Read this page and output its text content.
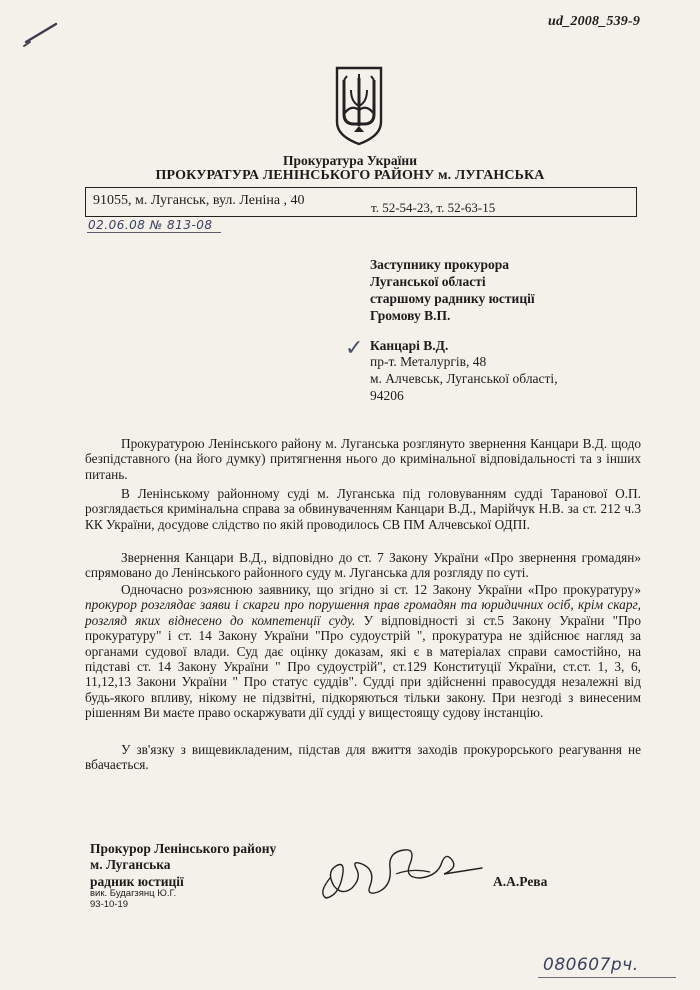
ud_2008_539-9
Прокуратура України
ПРОКУРАТУРА ЛЕНІНСЬКОГО РАЙОНУ м. ЛУГАНСЬКА
91055, м. Луганськ, вул. Леніна , 40	т. 52-54-23, т. 52-63-15
02.06.08 № 813-08
Заступнику прокурора
Луганської області
старшому раднику юстиції
Громову В.П.
✓ Канцарі В.Д.
пр-т. Металургів, 48
м. Алчевськ, Луганської області,
94206
Прокуратурою Ленінського району м. Луганська розглянуто звернення Канцари В.Д. щодо безпідставного (на його думку) притягнення нього до кримінальної відповідальності та з інших питань.
В Ленінському районному суді м. Луганська під головуванням судді Таранової О.П. розглядається кримінальна справа за обвинуваченням Канцари В.Д., Марійчук Н.В. за ст. 212 ч.3 КК України, досудове слідство по якій проводилось СВ ПМ Алчевської ОДПІ.
Звернення Канцари В.Д., відповідно до ст. 7 Закону України «Про звернення громадян» спрямовано до Ленінського районного суду м. Луганська для розгляду по суті.
Одночасно роз»яснюю заявнику, що згідно зі ст. 12 Закону України «Про прокуратуру» прокурор розглядає заяви і скарги про порушення прав громадян та юридичних осіб, крім скарг, розгляд яких віднесено до компетенції суду. У відповідності зі ст.5 Закону України "Про прокуратуру" і ст. 14 Закону України "Про судоустрій ", прокуратура не здійснює нагляд за органами судової влади. Суд дає оцінку доказам, які є в матеріалах справи самостійно, на підставі ст. 14 Закону України " Про судоустрій", ст.129 Конституції України, ст.ст. 1, 3, 6, 11,12,13 Закони України " Про статус суддів". Судді при здійсненні правосуддя незалежні від будь-якого впливу, нікому не підзвітні, підкоряються тільки закону. При незгоді з винесеним рішенням Ви маєте право оскаржувати дії судді у вищестоящу судову інстанцію.
У зв'язку з вищевикладеним, підстав для вжиття заходів прокурорського реагування не вбачається.
Прокурор Ленінського району
м. Луганська
радник юстиції
вик. Будагзянц Ю.Г.
93-10-19
А.А.Рева
080607рч.
